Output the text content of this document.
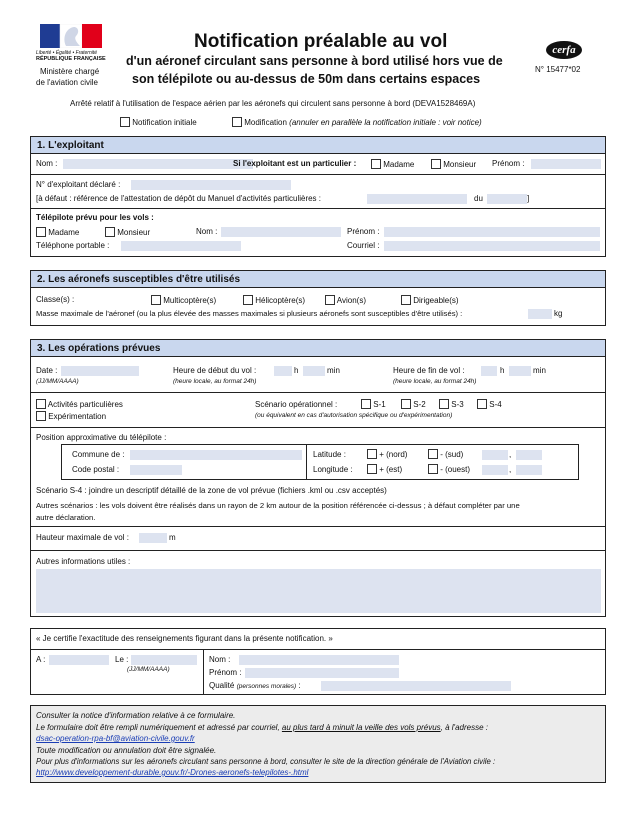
Liberté • Égalité • Fraternité
RÉPUBLIQUE FRANÇAISE
Ministère chargé
de l'aviation civile
Notification préalable au vol
d'un aéronef circulant sans personne à bord utilisé hors vue de
son télépilote ou au-dessus de 50m dans certains espaces
cerfa
N° 15477*02
Arrêté relatif à l'utilisation de l'espace aérien par les aéronefs qui circulent sans personne à bord (DEVA1528469A)
Notification initiale	Modification (annuler en parallèle la notification initiale : voir notice)
1. L'exploitant
Nom :	Si l'exploitant est un particulier :	Madame	Monsieur Prénom :
N° d'exploitant déclaré :
[à défaut : référence de l'attestation de dépôt du Manuel d'activités particulières :	du	]
Télépilote prévu pour les vols :
Madame	Monsieur	Nom :	Prénom :
Téléphone portable :	Courriel :
2. Les aéronefs susceptibles d'être utilisés
Classe(s) :	Multicoptère(s)	Hélicoptère(s)	Avion(s)	Dirigeable(s)
Masse maximale de l'aéronef (ou la plus élevée des masses maximales si plusieurs aéronefs sont susceptibles d'être utilisés) :	kg
3. Les opérations prévues
Date :
(JJ/MM/AAAA)
Heure de début du vol :	h	min
(heure locale, au format 24h)
Heure de fin de vol :	h	min
(heure locale, au format 24h)
Activités particulières
Expérimentation
Scénario opérationnel :	S-1	S-2	S-3	S-4
(ou équivalent en cas d'autorisation spécifique ou d'expérimentation)
Position approximative du télépilote :
Commune de :
Code postal :
Latitude :	+ (nord)	- (sud)	,
Longitude :	+ (est)	- (ouest)	,
Scénario S-4 : joindre un descriptif détaillé de la zone de vol prévue (fichiers .kml ou .csv acceptés)
Autres scénarios : les vols doivent être réalisés dans un rayon de 2 km autour de la position référencée ci-dessus ; à défaut compléter par une
autre déclaration.
Hauteur maximale de vol :	m
Autres informations utiles :
« Je certifie l'exactitude des renseignements figurant dans la présente notification. »
A :	Le :
(JJ/MM/AAAA)
Nom :
Prénom :
Qualité (personnes morales) :
Consulter la notice d'information relative à ce formulaire.
Le formulaire doit être rempli numériquement et adressé par courriel, au plus tard à minuit la veille des vols prévus, à l'adresse :
dsac-operation-rpa-bf@aviation-civile.gouv.fr
Toute modification ou annulation doit être signalée.
Pour plus d'informations sur les aéronefs circulant sans personne à bord, consulter le site de la direction générale de l'Aviation civile :
http://www.developpement-durable.gouv.fr/-Drones-aeronefs-telepilotes-.html
